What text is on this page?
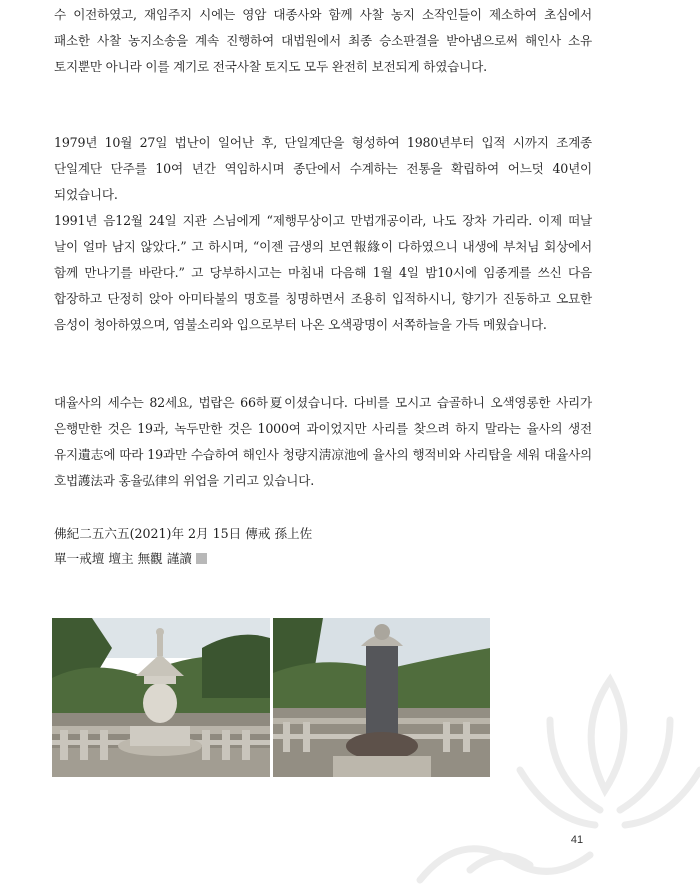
수 이전하였고, 재임주지 시에는 영암 대종사와 함께 사찰 농지 소작인들이 제소하여 초심에서 패소한 사찰 농지소송을 계속 진행하여 대법원에서 최종 승소판결을 받아냄으로써 해인사 소유 토지뿐만 아니라 이를 계기로 전국사찰 토지도 모두 완전히 보전되게 하였습니다.

1979년 10월 27일 법난이 일어난 후, 단일계단을 형성하여 1980년부터 입적 시까지 조계종 단일계단 단주를 10여 년간 역임하시며 종단에서 수계하는 전통을 확립하여 어느덧 40년이 되었습니다.

1991년 음12월 24일 지관 스님에게 “제행무상이고 만법개공이라, 나도 장차 가리라. 이제 떠날 날이 얼마 남지 않았다.” 고 하시며, “이젠 금생의 보연報緣이 다하였으니 내생에 부처님 회상에서 함께 만나기를 바란다.” 고 당부하시고는 마침내 다음해 1월 4일 밤10시에 임종게를 쓰신 다음 합장하고 단정히 앉아 아미타불의 명호를 칭명하면서 조용히 입적하시니, 향기가 진동하고 오묘한 음성이 청아하였으며, 염불소리와 입으로부터 나온 오색광명이 서쪽하늘을 가득 메웠습니다.

대율사의 세수는 82세요, 법랍은 66하夏이셨습니다. 다비를 모시고 습골하니 오색영롱한 사리가 은행만한 것은 19과, 녹두만한 것은 1000여 과이었지만 사리를 찾으려 하지 말라는 율사의 생전 유지遺志에 따라 19과만 수습하여 해인사 청량지淸凉池에 율사의 행적비와 사리탑을 세워 대율사의 호법護法과 홍율弘律의 위업을 기리고 있습니다.

佛紀二五六五(2021)年 2月 15日 傳戒 孫上佐

單一戒壇 壇主 無觀 謹讀

41
